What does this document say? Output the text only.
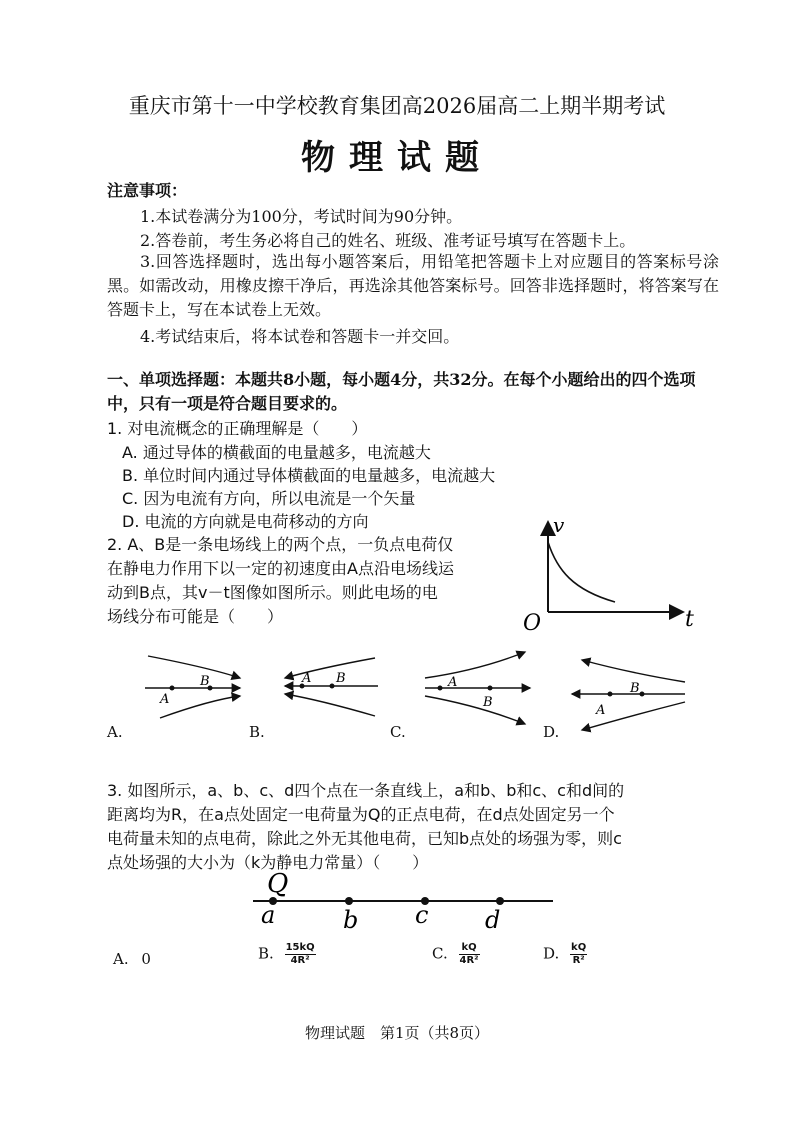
重庆市第十一中学校教育集团高2026届高二上期半期考试
物理试题
注意事项：
1.本试卷满分为100分，考试时间为90分钟。
2.答卷前，考生务必将自己的姓名、班级、准考证号填写在答题卡上。
3.回答选择题时，选出每小题答案后，用铅笔把答题卡上对应题目的答案标号涂黑。如需改动，用橡皮擦干净后，再选涂其他答案标号。回答非选择题时，将答案写在答题卡上，写在本试卷上无效。
4.考试结束后，将本试卷和答题卡一并交回。
一、单项选择题：本题共8小题，每小题4分，共32分。在每个小题给出的四个选项中，只有一项是符合题目要求的。
1. 对电流概念的正确理解是（　　）
A. 通过导体的横截面的电量越多，电流越大
B. 单位时间内通过导体横截面的电量越多，电流越大
C. 因为电流有方向，所以电流是一个矢量
D. 电流的方向就是电荷移动的方向
2. A、B是一条电场线上的两个点，一负点电荷仅
在静电力作用下以一定的初速度由A点沿电场线运
动到B点，其v－t图像如图所示。则此电场的电
场线分布可能是（　　）
v
t
O
A
B	A B	A
B
A
B
A.	B.	C.	D.
3. 如图所示，a、b、c、d四个点在一条直线上，a和b、b和c、c和d间的
距离均为R，在a点处固定一电荷量为Q的正点电荷，在d点处固定另一个
电荷量未知的点电荷，除此之外无其他电荷，已知b点处的场强为零，则c
点处场强的大小为（k为静电力常量）（　　）
Q
a	b c d
A. 0	B. $\frac{15kQ}{\text{4R²}}$	C. $\frac{kQ}{\text{4R²}}$	D. $\frac{kQ}{\text{R²}}$
物理试题　第1页（共8页）
